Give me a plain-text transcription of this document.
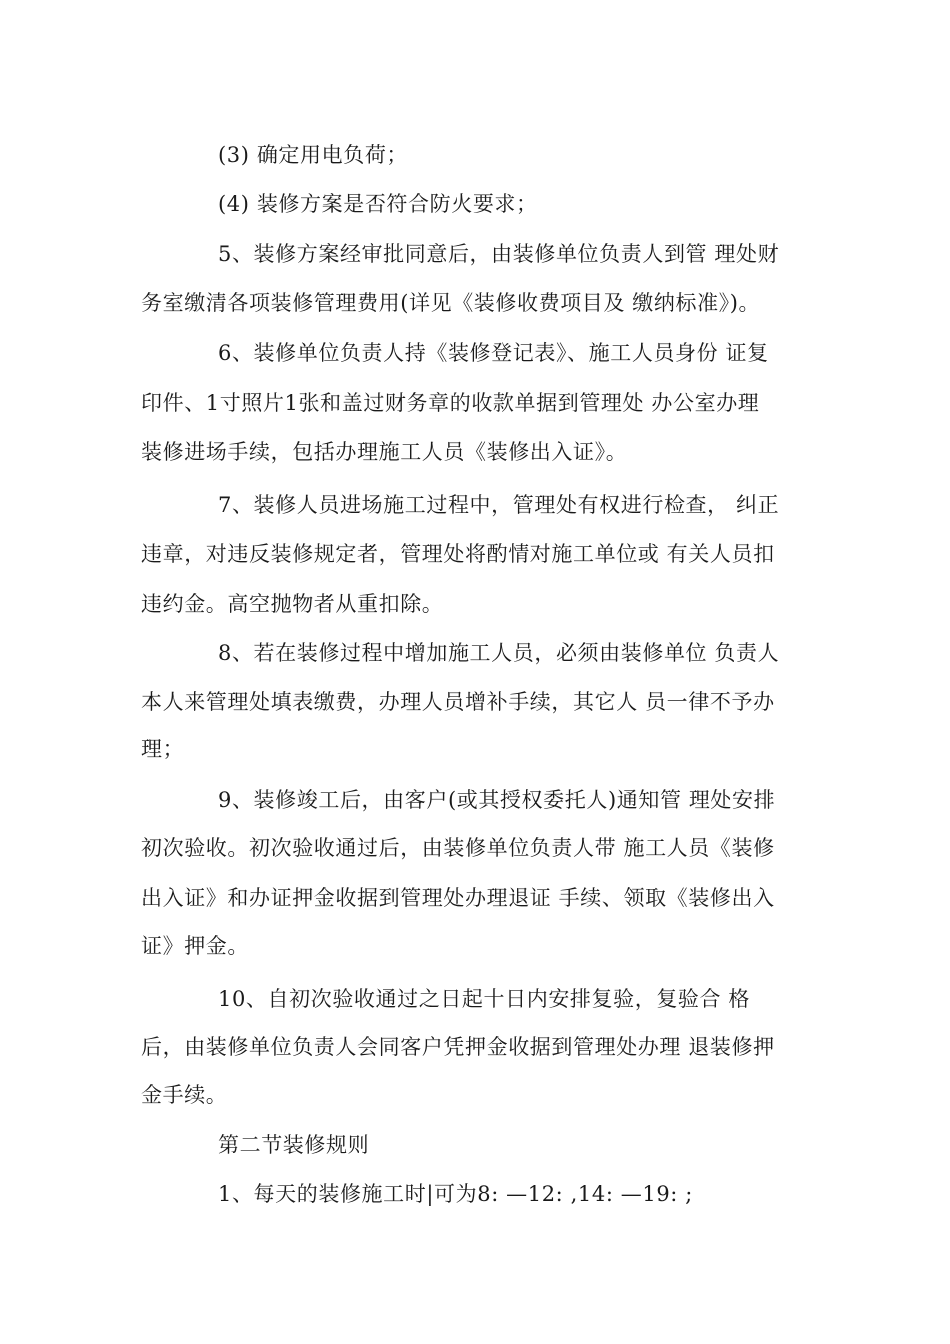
(3) 确定用电负荷；
(4) 装修方案是否符合防火要求；
5、装修方案经审批同意后，由装修单位负责人到管 理处财
务室缴清各项装修管理费用(详见《装修收费项目及 缴纳标准》)。
6、装修单位负责人持《装修登记表》、施工人员身份 证复
印件、1寸照片1张和盖过财务章的收款单据到管理处 办公室办理
装修进场手续，包括办理施工人员《装修出入证》。
7、装修人员进场施工过程中，管理处有权进行检查， 纠正
违章，对违反装修规定者，管理处将酌情对施工单位或 有关人员扣
违约金。高空抛物者从重扣除。
8、若在装修过程中增加施工人员，必须由装修单位 负责人
本人来管理处填表缴费，办理人员增补手续，其它人 员一律不予办
理；
9、装修竣工后，由客户(或其授权委托人)通知管 理处安排
初次验收。初次验收通过后，由装修单位负责人带 施工人员《装修
出入证》和办证押金收据到管理处办理退证 手续、领取《装修出入
证》押金。
10、自初次验收通过之日起十日内安排复验，复验合 格
后，由装修单位负责人会同客户凭押金收据到管理处办理 退装修押
金手续。
第二节装修规则
1、每天的装修施工时|可为8: —12: ,14: —19: ;
